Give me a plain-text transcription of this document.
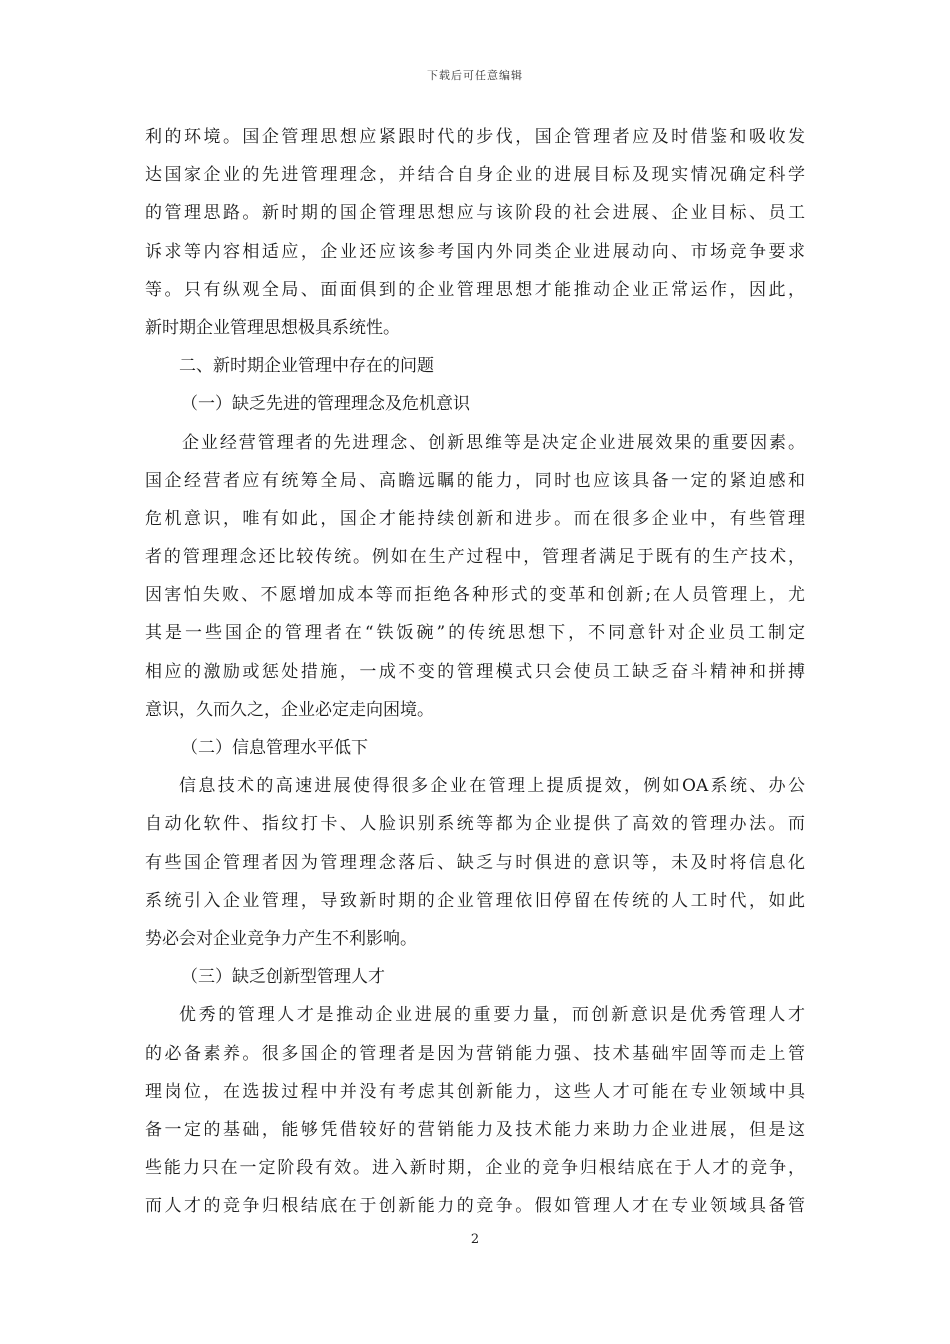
下载后可任意编辑
利的环境。国企管理思想应紧跟时代的步伐，国企管理者应及时借鉴和吸收发
达国家企业的先进管理理念，并结合自身企业的进展目标及现实情况确定科学
的管理思路。新时期的国企管理思想应与该阶段的社会进展、企业目标、员工
诉求等内容相适应，企业还应该参考国内外同类企业进展动向、市场竞争要求
等。只有纵观全局、面面俱到的企业管理思想才能推动企业正常运作，因此，
新时期企业管理思想极具系统性。
二、新时期企业管理中存在的问题
（一）缺乏先进的管理理念及危机意识
企业经营管理者的先进理念、创新思维等是决定企业进展效果的重要因素。
国企经营者应有统筹全局、高瞻远瞩的能力，同时也应该具备一定的紧迫感和
危机意识，唯有如此，国企才能持续创新和进步。而在很多企业中，有些管理
者的管理理念还比较传统。例如在生产过程中，管理者满足于既有的生产技术，
因害怕失败、不愿增加成本等而拒绝各种形式的变革和创新;在人员管理上，尤
其是一些国企的管理者在“铁饭碗”的传统思想下，不同意针对企业员工制定
相应的激励或惩处措施，一成不变的管理模式只会使员工缺乏奋斗精神和拼搏
意识，久而久之，企业必定走向困境。
（二）信息管理水平低下
信息技术的高速进展使得很多企业在管理上提质提效，例如OA系统、办公
自动化软件、指纹打卡、人脸识别系统等都为企业提供了高效的管理办法。而
有些国企管理者因为管理理念落后、缺乏与时俱进的意识等，未及时将信息化
系统引入企业管理，导致新时期的企业管理依旧停留在传统的人工时代，如此
势必会对企业竞争力产生不利影响。
（三）缺乏创新型管理人才
优秀的管理人才是推动企业进展的重要力量，而创新意识是优秀管理人才
的必备素养。很多国企的管理者是因为营销能力强、技术基础牢固等而走上管
理岗位，在选拔过程中并没有考虑其创新能力，这些人才可能在专业领域中具
备一定的基础，能够凭借较好的营销能力及技术能力来助力企业进展，但是这
些能力只在一定阶段有效。进入新时期，企业的竞争归根结底在于人才的竞争，
而人才的竞争归根结底在于创新能力的竞争。假如管理人才在专业领域具备管
2
